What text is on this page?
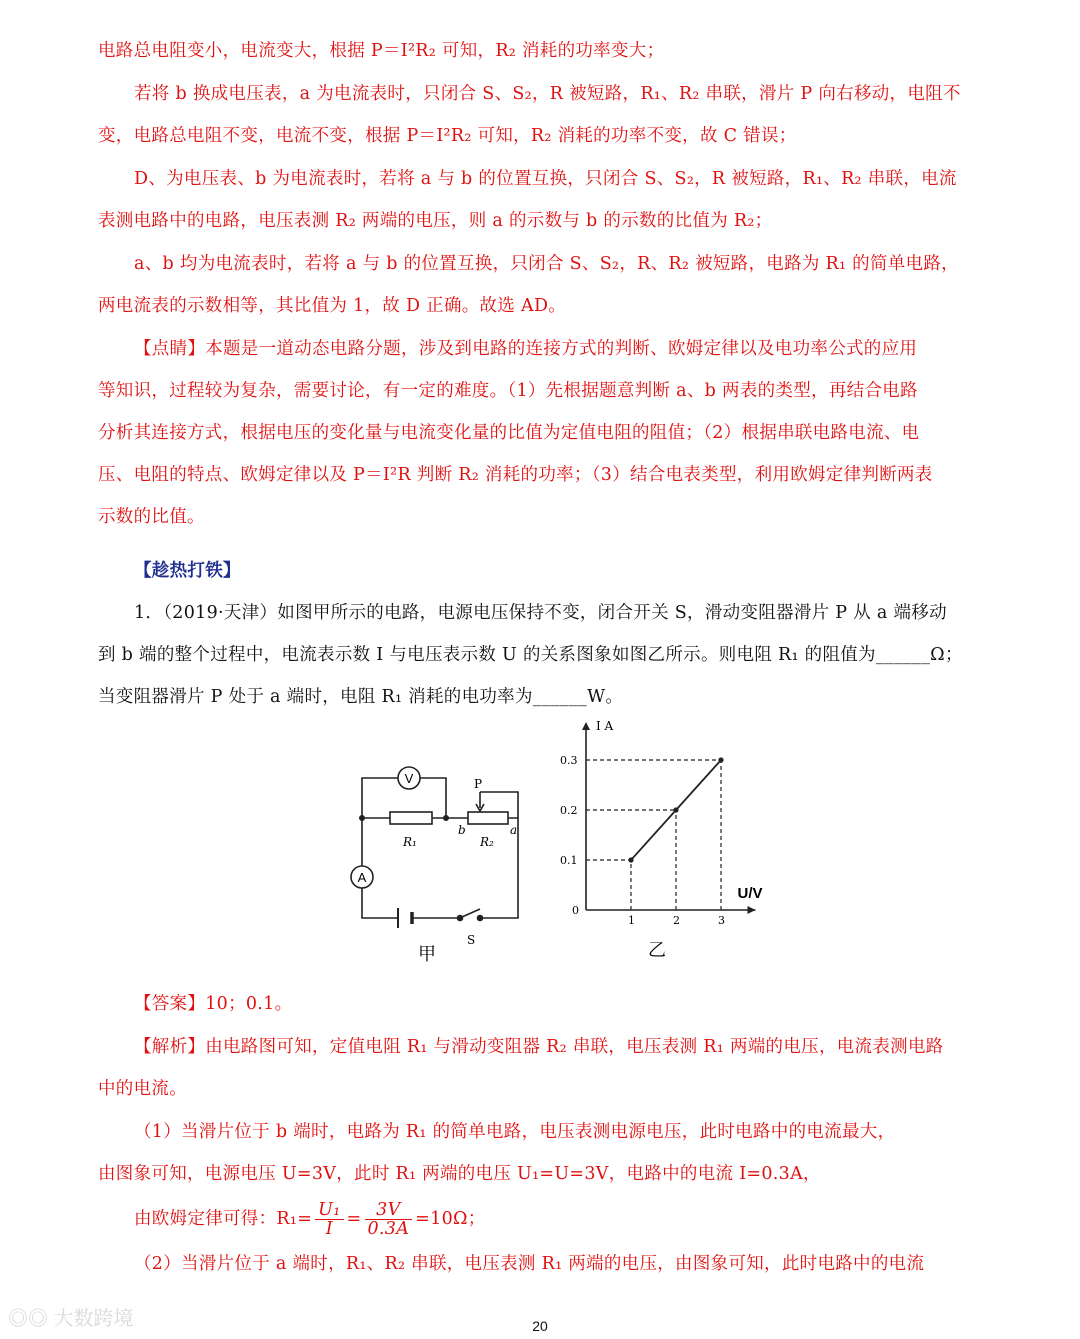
电路总电阻变小，电流变大，根据 P＝I²R₂ 可知，R₂ 消耗的功率变大；
若将 b 换成电压表，a 为电流表时，只闭合 S、S₂，R 被短路，R₁、R₂ 串联，滑片 P 向右移动，电阻不
变，电路总电阻不变，电流不变，根据 P＝I²R₂ 可知，R₂ 消耗的功率不变，故 C 错误；
D、为电压表、b 为电流表时，若将 a 与 b 的位置互换，只闭合 S、S₂，R 被短路，R₁、R₂ 串联，电流
表测电路中的电路，电压表测 R₂ 两端的电压，则 a 的示数与 b 的示数的比值为 R₂；
a、b 均为电流表时，若将 a 与 b 的位置互换，只闭合 S、S₂，R、R₂ 被短路，电路为 R₁ 的简单电路，
两电流表的示数相等，其比值为 1，故 D 正确。故选 AD。
【点睛】本题是一道动态电路分题，涉及到电路的连接方式的判断、欧姆定律以及电功率公式的应用
等知识，过程较为复杂，需要讨论，有一定的难度。（1）先根据题意判断 a、b 两表的类型，再结合电路
分析其连接方式，根据电压的变化量与电流变化量的比值为定值电阻的阻值；（2）根据串联电路电流、电
压、电阻的特点、欧姆定律以及 P＝I²R 判断 R₂ 消耗的功率；（3）结合电表类型，利用欧姆定律判断两表
示数的比值。
【趁热打铁】
1．（2019·天津）如图甲所示的电路，电源电压保持不变，闭合开关 S，滑动变阻器滑片 P 从 a 端移动
到 b 端的整个过程中，电流表示数 I 与电压表示数 U 的关系图象如图乙所示。则电阻 R₁ 的阻值为______Ω；
当变阻器滑片 P 处于 a 端时，电阻 R₁ 消耗的电功率为______W。
V
A
R₁	R₂
P
a
b
S
甲
I A
U/V
0
1
0.1
2
0.2
3
0.3
乙
【答案】10；0.1。
【解析】由电路图可知，定值电阻 R₁ 与滑动变阻器 R₂ 串联，电压表测 R₁ 两端的电压，电流表测电路
中的电流。
（1）当滑片位于 b 端时，电路为 R₁ 的简单电路，电压表测电源电压，此时电路中的电流最大，
由图象可知，电源电压 U=3V，此时 R₁ 两端的电压 U₁=U=3V，电路中的电流 I=0.3A，
由欧姆定律可得：$R_1= \frac{\text{U₁}}{I} = \frac{3V}{0.3A} =10\Omega$；
（2）当滑片位于 a 端时，R₁、R₂ 串联，电压表测 R₁ 两端的电压，由图象可知，此时电路中的电流
◎◎ 大数跨境	20
